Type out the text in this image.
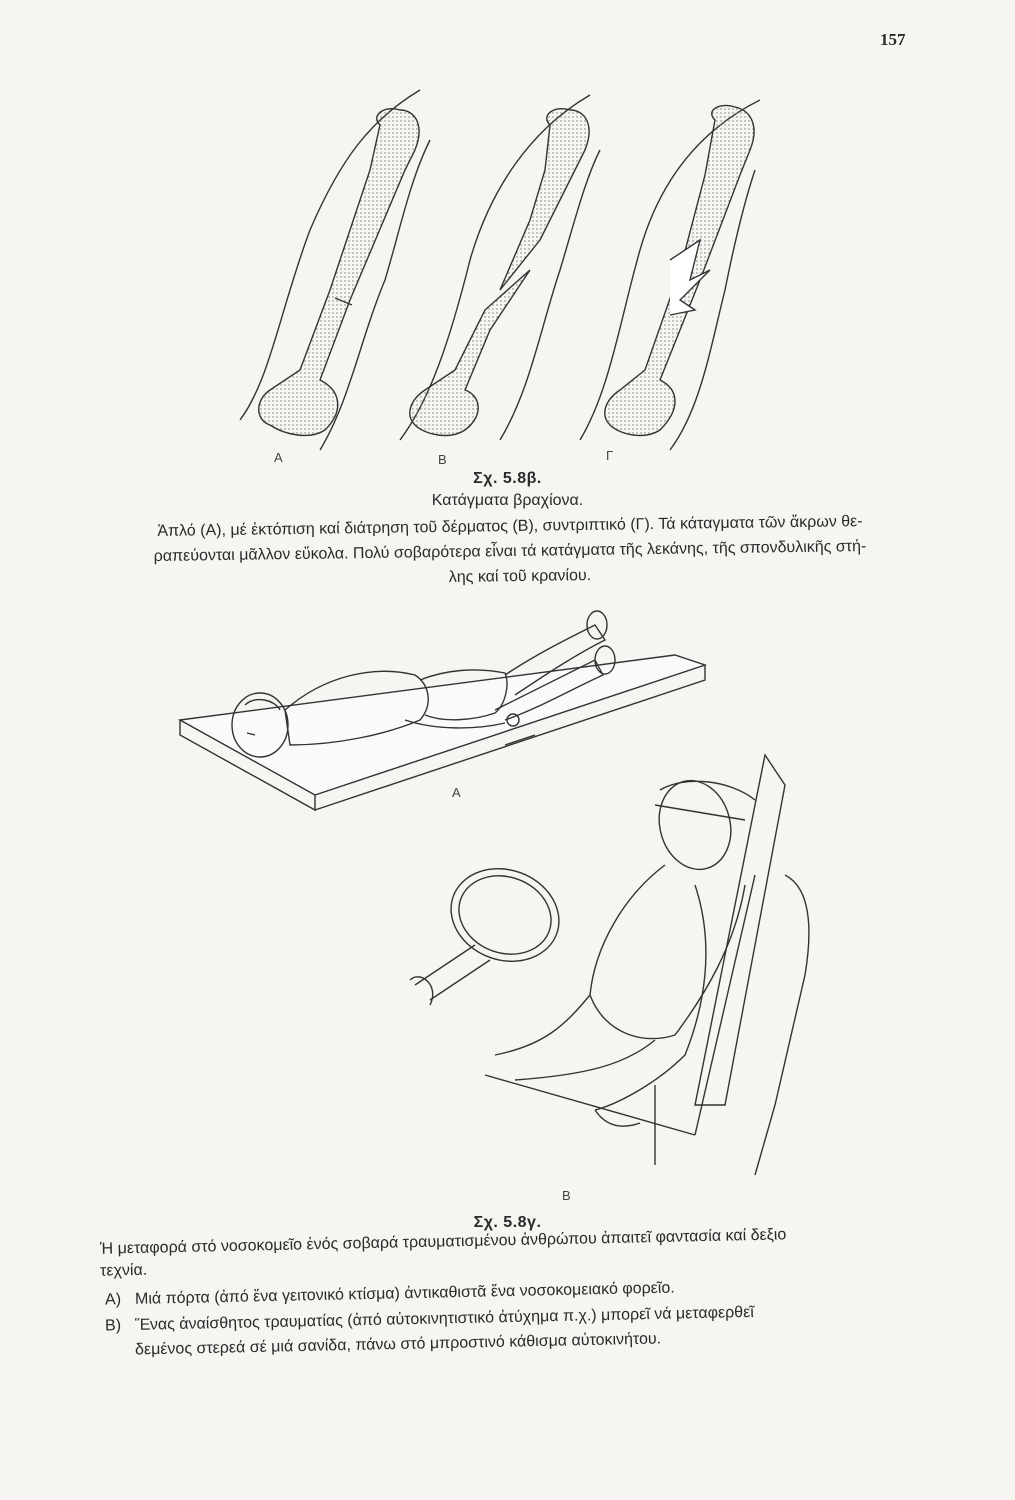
157
A	B	Γ
Σχ. 5.8β.
Κατάγματα βραχίονα.
Ἁπλό (Α), μέ ἐκτόπιση καί διάτρηση τοῦ δέρματος (Β), συντριπτικό (Γ). Τά κάταγματα τῶν ἄκρων θε-
ραπεύονται μᾶλλον εὔκολα. Πολύ σοβαρότερα εἶναι τά κατάγματα τῆς λεκάνης, τῆς σπονδυλικῆς στή-
λης καί τοῦ κρανίου.
Α
Β
Σχ. 5.8γ.
Ἡ μεταφορά στό νοσοκομεῖο ἐνός σοβαρά τραυματισμένου ἀνθρώπου ἀπαιτεῖ φαντασία καί δεξιο
τεχνία.
Α) Μιά πόρτα (ἀπό ἕνα γειτονικό κτίσμα) ἀντικαθιστᾶ ἕνα νοσοκομειακό φορεῖο.
Β) Ἕνας ἀναίσθητος τραυματίας (ἀπό αὐτοκινητιστικό ἀτύχημα π.χ.) μπορεῖ νά μεταφερθεῖ
δεμένος στερεά σέ μιά σανίδα, πάνω στό μπροστινό κάθισμα αὐτοκινήτου.
